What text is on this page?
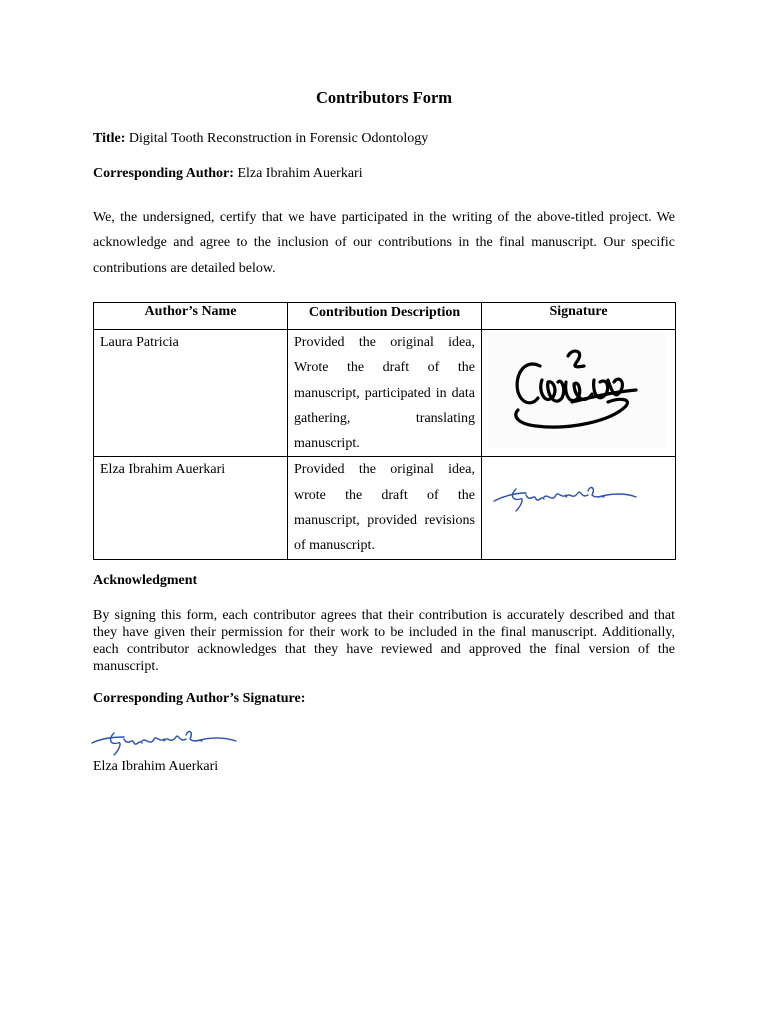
Contributors Form

Title: Digital Tooth Reconstruction in Forensic Odontology

Corresponding Author: Elza Ibrahim Auerkari

We, the undersigned, certify that we have participated in the writing of the above-titled project. We acknowledge and agree to the inclusion of our contributions in the final manuscript. Our specific contributions are detailed below.

Author’s Name	Contribution Description	Signature
Laura Patricia	Provided the original idea, Wrote the draft of the manuscript, participated in data gathering, translating manuscript.	

Elza Ibrahim Auerkari	Provided the original idea, wrote the draft of the manuscript, provided revisions of manuscript.	

Acknowledgment

By signing this form, each contributor agrees that their contribution is accurately described and that they have given their permission for their work to be included in the final manuscript. Additionally, each contributor acknowledges that they have reviewed and approved the final version of the manuscript.

Corresponding Author’s Signature:

Elza Ibrahim Auerkari
